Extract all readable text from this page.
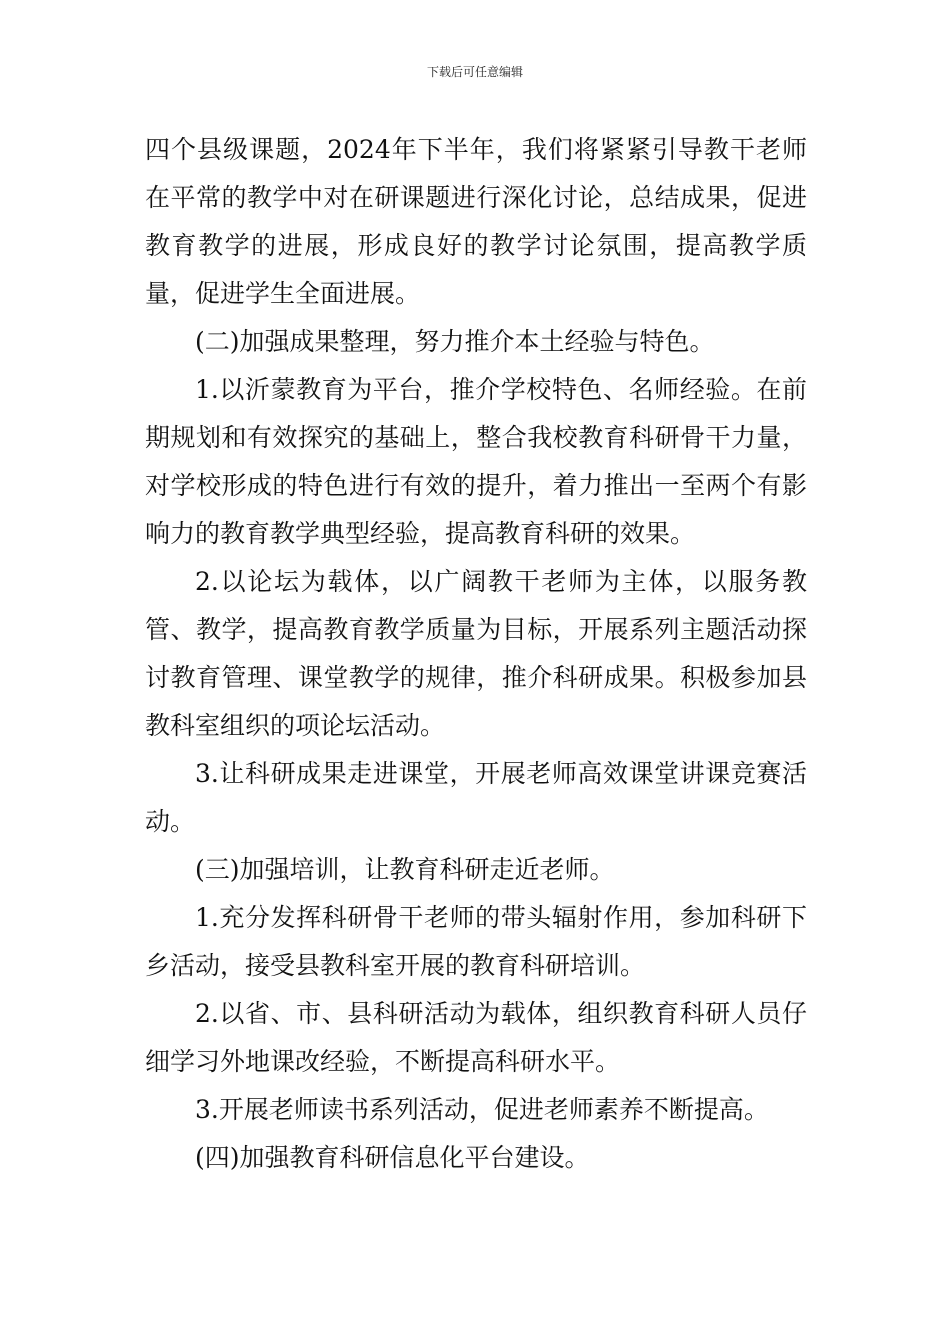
下载后可任意编辑

四个县级课题，2024年下半年，我们将紧紧引导教干老师在平常的教学中对在研课题进行深化讨论，总结成果，促进教育教学的进展，形成良好的教学讨论氛围，提高教学质量，促进学生全面进展。

(二)加强成果整理，努力推介本土经验与特色。

1.以沂蒙教育为平台，推介学校特色、名师经验。在前期规划和有效探究的基础上，整合我校教育科研骨干力量，对学校形成的特色进行有效的提升，着力推出一至两个有影响力的教育教学典型经验，提高教育科研的效果。

2.以论坛为载体，以广阔教干老师为主体，以服务教管、教学，提高教育教学质量为目标，开展系列主题活动探讨教育管理、课堂教学的规律，推介科研成果。积极参加县教科室组织的项论坛活动。

3.让科研成果走进课堂，开展老师高效课堂讲课竞赛活动。

(三)加强培训，让教育科研走近老师。

1.充分发挥科研骨干老师的带头辐射作用，参加科研下乡活动，接受县教科室开展的教育科研培训。

2.以省、市、县科研活动为载体，组织教育科研人员仔细学习外地课改经验，不断提高科研水平。

3.开展老师读书系列活动，促进老师素养不断提高。

(四)加强教育科研信息化平台建设。
